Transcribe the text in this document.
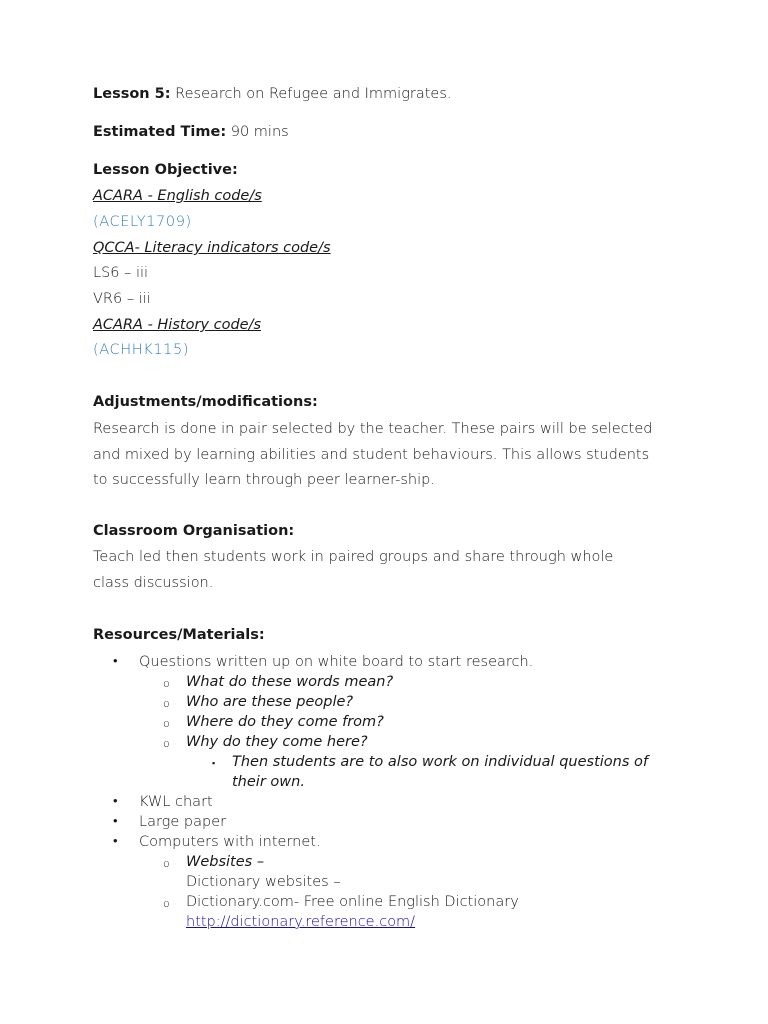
Lesson 5: Research on Refugee and Immigrates.
Estimated Time: 90 mins
Lesson Objective:
ACARA - English code/s
(ACELY1709)
QCCA- Literacy indicators code/s
LS6 – iii
VR6 – iii
ACARA - History code/s
(ACHHK115)
Adjustments/modifications:
Research is done in pair selected by the teacher. These pairs will be selected
and mixed by learning abilities and student behaviours. This allows students
to successfully learn through peer learner-ship.
Classroom Organisation:
Teach led then students work in paired groups and share through whole
class discussion.
Resources/Materials:
• Questions written up on white board to start research.
o What do these words mean?
o Who are these people?
o Where do they come from?
o Why do they come here?
▪ Then students are to also work on individual questions of
their own.
• KWL chart
• Large paper
• Computers with internet.
o Websites –
Dictionary websites –
o Dictionary.com- Free online English Dictionary
http://dictionary.reference.com/
